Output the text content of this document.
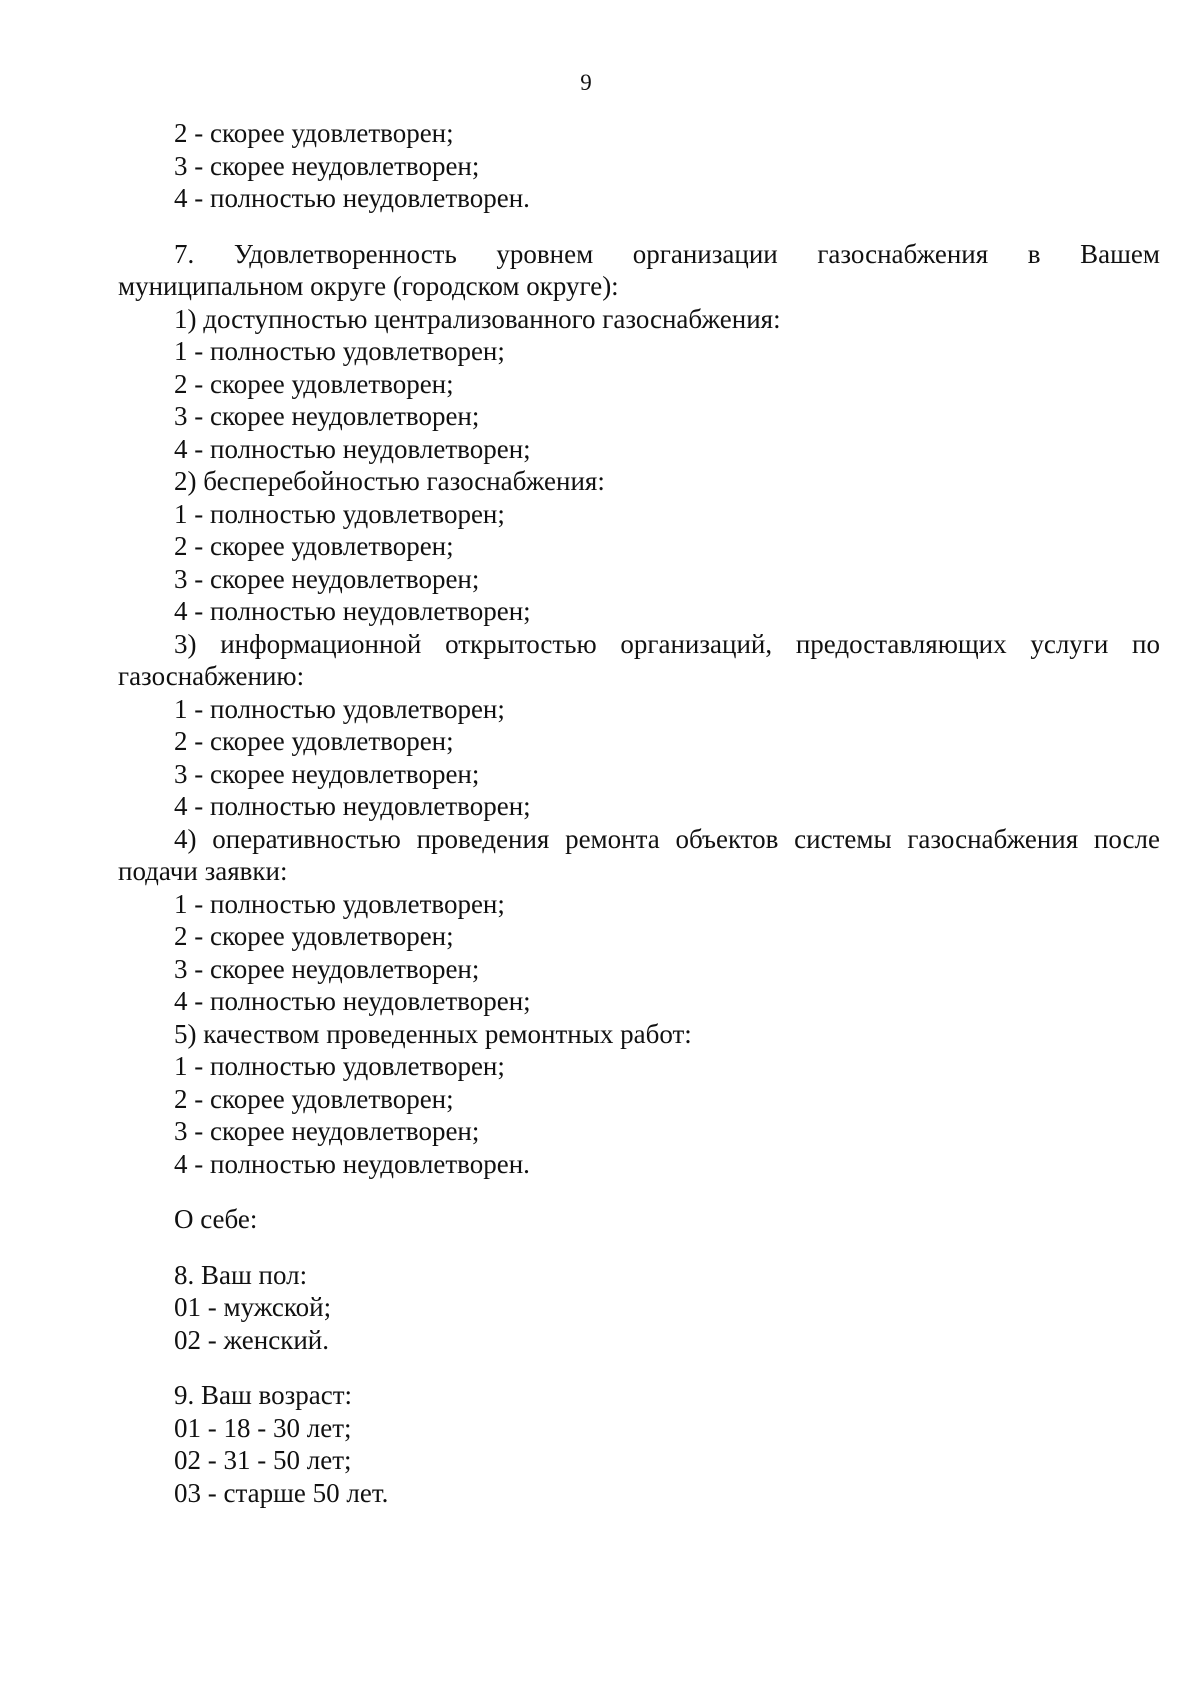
9
2 - скорее удовлетворен;
3 - скорее неудовлетворен;
4 - полностью неудовлетворен.
7. Удовлетворенность уровнем организации газоснабжения в Вашем
муниципальном округе (городском округе):
1) доступностью централизованного газоснабжения:
1 - полностью удовлетворен;
2 - скорее удовлетворен;
3 - скорее неудовлетворен;
4 - полностью неудовлетворен;
2) бесперебойностью газоснабжения:
1 - полностью удовлетворен;
2 - скорее удовлетворен;
3 - скорее неудовлетворен;
4 - полностью неудовлетворен;
3) информационной открытостью организаций, предоставляющих услуги по
газоснабжению:
1 - полностью удовлетворен;
2 - скорее удовлетворен;
3 - скорее неудовлетворен;
4 - полностью неудовлетворен;
4) оперативностью проведения ремонта объектов системы газоснабжения после
подачи заявки:
1 - полностью удовлетворен;
2 - скорее удовлетворен;
3 - скорее неудовлетворен;
4 - полностью неудовлетворен;
5) качеством проведенных ремонтных работ:
1 - полностью удовлетворен;
2 - скорее удовлетворен;
3 - скорее неудовлетворен;
4 - полностью неудовлетворен.
О себе:
8. Ваш пол:
01 - мужской;
02 - женский.
9. Ваш возраст:
01 - 18 - 30 лет;
02 - 31 - 50 лет;
03 - старше 50 лет.
